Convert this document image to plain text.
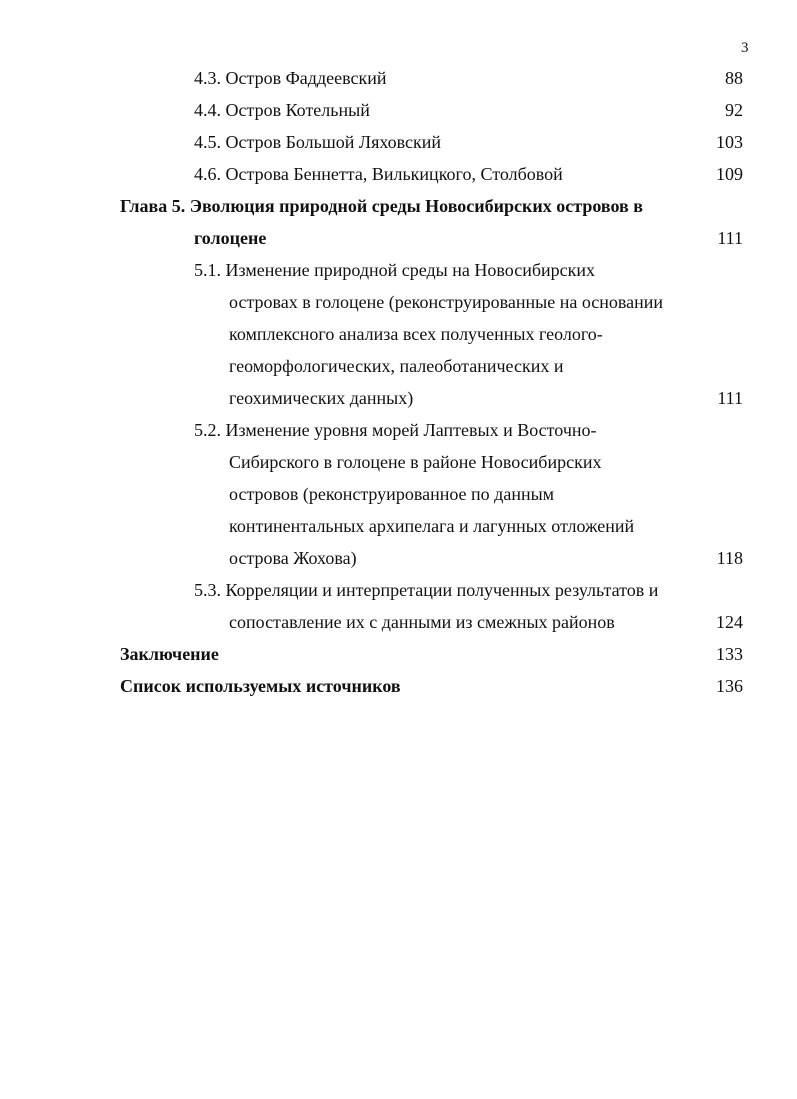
3
4.3. Остров Фаддеевский	88
4.4. Остров Котельный	92
4.5. Остров Большой Ляховский	103
4.6. Острова Беннетта, Вилькицкого, Столбовой	109
Глава 5. Эволюция природной среды Новосибирских островов в
голоцене	111
5.1. Изменение природной среды на Новосибирских
островах в голоцене (реконструированные на основании
комплексного анализа всех полученных геолого-
геоморфологических, палеоботанических и
геохимических данных)	111
5.2. Изменение уровня морей Лаптевых и Восточно-
Сибирского в голоцене в районе Новосибирских
островов (реконструированное по данным
континентальных архипелага и лагунных отложений
острова Жохова)	118
5.3. Корреляции и интерпретации полученных результатов и
сопоставление их с данными из смежных районов	124
Заключение	133
Список используемых источников	136
